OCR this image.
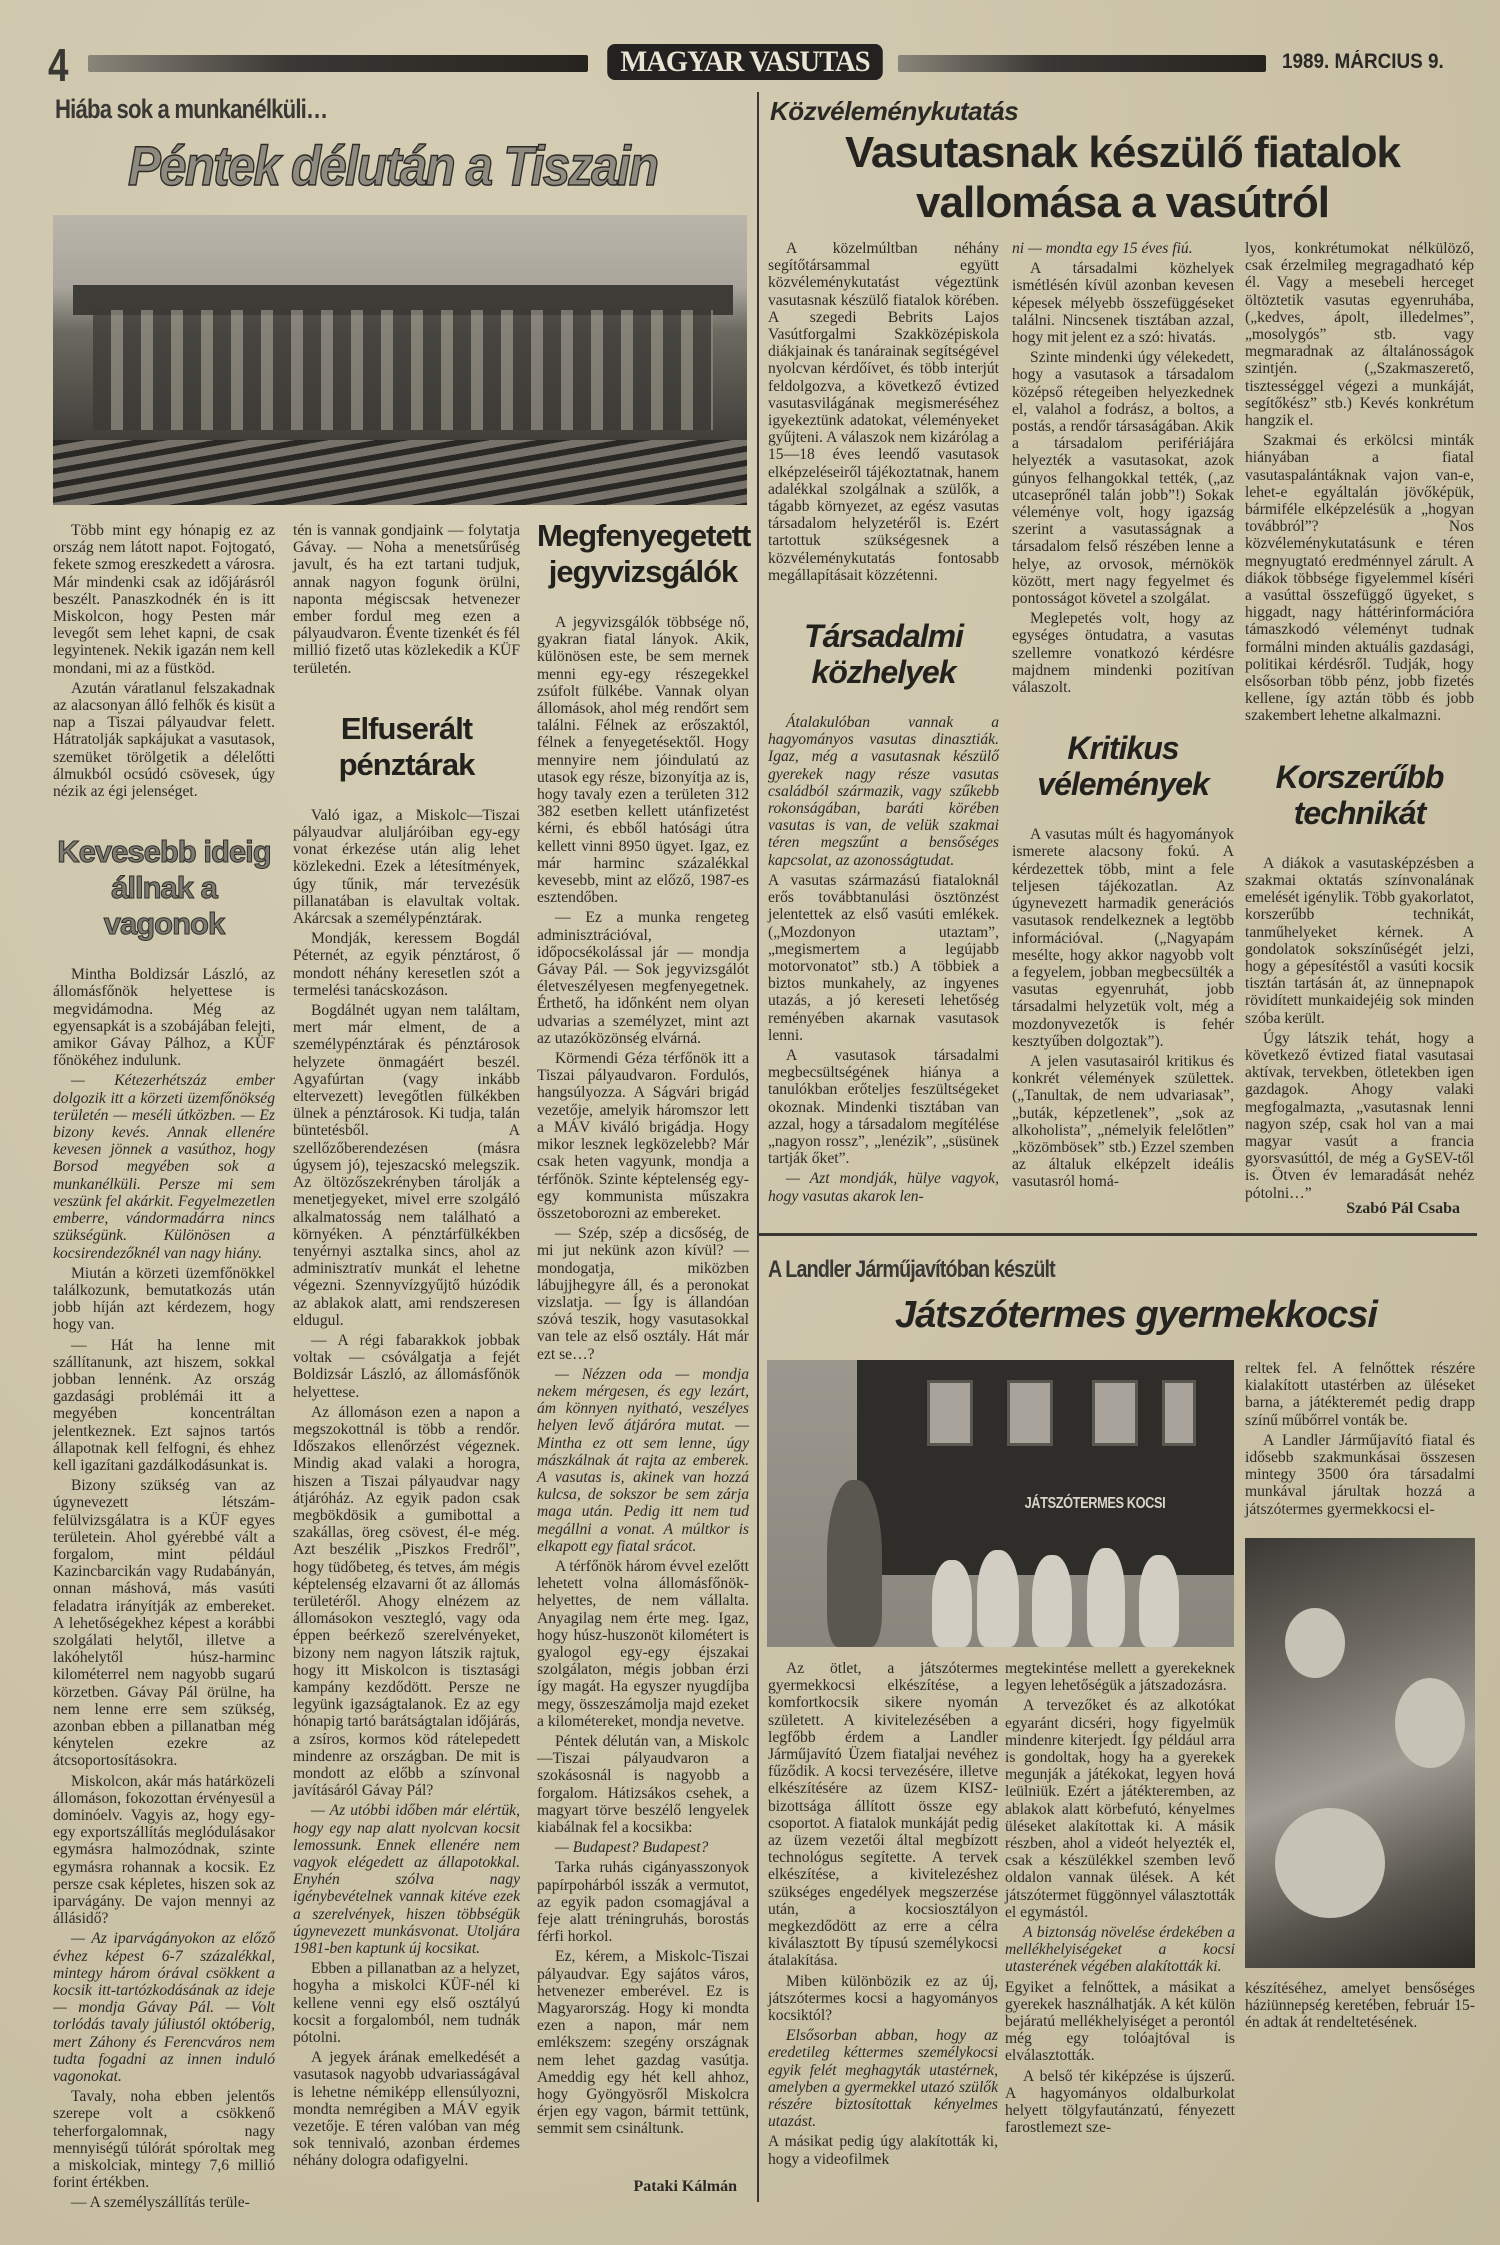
4	MAGYAR VASUTAS	1989. MÁRCIUS 9.
Hiába sok a munkanélküli…
Péntek délután a Tiszain

Több mint egy hónapig ez az ország nem látott napot. Fojtogató, fekete szmog ereszkedett a városra. Már mindenki csak az időjárásról beszélt. Panaszkodnék én is itt Miskolcon, hogy Pesten már levegőt sem lehet kapni, de csak legyintenek. Nekik igazán nem kell mondani, mi az a füstköd.

Azután váratlanul felszakadnak az alacsonyan álló felhők és kisüt a nap a Tiszai pályaudvar felett. Hátratolják sapkájukat a vasutasok, szemüket törölgetik a délelőtti álmukból ocsúdó csövesek, úgy nézik az égi jelenséget.

Kevesebb ideig állnak a vagonok

Mintha Boldizsár László, az állomásfőnök helyettese is megvidámodna. Még az egyensapkát is a szobájában felejti, amikor Gávay Pálhoz, a KÜF főnökéhez indulunk.

— Kétezerhétszáz ember dolgozik itt a körzeti üzemfőnökség területén — meséli útközben. — Ez bizony kevés. Annak ellenére kevesen jönnek a vasúthoz, hogy Borsod megyében sok a munkanélküli. Persze mi sem veszünk fel akárkit. Fegyelmezetlen emberre, vándormadárra nincs szükségünk. Különösen a kocsirendezőknél van nagy hiány.

Miután a körzeti üzemfőnökkel találkozunk, bemutatkozás után jobb híján azt kérdezem, hogy hogy van.

— Hát ha lenne mit szállítanunk, azt hiszem, sokkal jobban lennénk. Az ország gazdasági problémái itt a megyében koncentráltan jelentkeznek. Ezt sajnos tartós állapotnak kell felfogni, és ehhez kell igazítani gazdálkodásunkat is.

Bizony szükség van az úgynevezett létszám-felülvizsgálatra is a KÜF egyes területein. Ahol gyérebbé vált a forgalom, mint például Kazincbarcikán vagy Rudabányán, onnan máshová, más vasúti feladatra irányítják az embereket. A lehetőségekhez képest a korábbi szolgálati helytől, illetve a lakóhelytől húsz-harminc kilométerrel nem nagyobb sugarú körzetben. Gávay Pál örülne, ha nem lenne erre sem szükség, azonban ebben a pillanatban még kénytelen ezekre az átcsoportosításokra.

Miskolcon, akár más határközeli állomáson, fokozottan érvényesül a dominóelv. Vagyis az, hogy egy-egy exportszállítás meglódulásakor egymásra halmozódnak, szinte egymásra rohannak a kocsik. Ez persze csak képletes, hiszen sok az iparvágány. De vajon mennyi az állásidő?

— Az iparvágányokon az előző évhez képest 6-7 százalékkal, mintegy három órával csökkent a kocsik itt-tartózkodásának az ideje — mondja Gávay Pál. — Volt torlódás tavaly júliustól októberig, mert Záhony és Ferencváros nem tudta fogadni az innen induló vagonokat.

Tavaly, noha ebben jelentős szerepe volt a csökkenő teherforgalomnak, nagy mennyiségű túlórát spóroltak meg a miskolciak, mintegy 7,6 millió forint értékben.

— A személyszállítás terüle-

tén is vannak gondjaink — folytatja Gávay. — Noha a menetsűrűség javult, és ha ezt tartani tudjuk, annak nagyon fogunk örülni, naponta mégiscsak hetvenezer ember fordul meg ezen a pályaudvaron. Évente tizenkét és fél millió fizető utas közlekedik a KÜF területén.

Elfuserált pénztárak

Való igaz, a Miskolc—Tiszai pályaudvar aluljáróiban egy-egy vonat érkezése után alig lehet közlekedni. Ezek a létesítmények, úgy tűnik, már tervezésük pillanatában is elavultak voltak. Akárcsak a személypénztárak.

Mondják, keressem Bogdál Péternét, az egyik pénztárost, ő mondott néhány keresetlen szót a termelési tanácskozáson.

Bogdálnét ugyan nem találtam, mert már elment, de a személypénztárak és pénztárosok helyzete önmagáért beszél. Agyafúrtan (vagy inkább eltervezett) levegőtlen fülkékben ülnek a pénztárosok. Ki tudja, talán büntetésből. A szellőzőberendezésen (másra úgysem jó), tejeszacskó melegszik. Az öltözőszekrényben tárolják a menetjegyeket, mivel erre szolgáló alkalmatosság nem található a környéken. A pénztárfülkékben tenyérnyi asztalka sincs, ahol az adminisztratív munkát el lehetne végezni. Szennyvízgyűjtő húzódik az ablakok alatt, ami rendszeresen eldugul.

— A régi fabarakkok jobbak voltak — csóválgatja a fejét Boldizsár László, az állomásfőnök helyettese.

Az állomáson ezen a napon a megszokottnál is több a rendőr. Időszakos ellenőrzést végeznek. Mindig akad valaki a horogra, hiszen a Tiszai pályaudvar nagy átjáróház. Az egyik padon csak megbökdösik a gumibottal a szakállas, öreg csövest, él-e még. Azt beszélik „Piszkos Fredről”, hogy tüdőbeteg, és tetves, ám mégis képtelenség elzavarni őt az állomás területéről. Ahogy elnézem az állomásokon vesztegló, vagy oda éppen beérkező szerelvényeket, bizony nem nagyon látszik rajtuk, hogy itt Miskolcon is tisztasági kampány kezdődött. Persze ne legyünk igazságtalanok. Ez az egy hónapig tartó barátságtalan időjárás, a zsíros, kormos köd rátelepedett mindenre az országban. De mit is mondott az előbb a színvonal javításáról Gávay Pál?

— Az utóbbi időben már elértük, hogy egy nap alatt nyolcvan kocsit lemossunk. Ennek ellenére nem vagyok elégedett az állapotokkal. Enyhén szólva nagy igénybevételnek vannak kitéve ezek a szerelvények, hiszen többségük úgynevezett munkásvonat. Utoljára 1981-ben kaptunk új kocsikat.

Ebben a pillanatban az a helyzet, hogyha a miskolci KÜF-nél ki kellene venni egy első osztályú kocsit a forgalomból, nem tudnák pótolni.

A jegyek árának emelkedését a vasutasok nagyobb udvariasságával is lehetne némiképp ellensúlyozni, mondta nemrégiben a MÁV egyik vezetője. E téren valóban van még sok tennivaló, azonban érdemes néhány dologra odafigyelni.

Megfenyegetett jegyvizsgálók

A jegyvizsgálók többsége nő, gyakran fiatal lányok. Akik, különösen este, be sem mernek menni egy-egy részegekkel zsúfolt fülkébe. Vannak olyan állomások, ahol még rendőrt sem találni. Félnek az erőszaktól, félnek a fenyegetésektől. Hogy mennyire nem jóindulatú az utasok egy része, bizonyítja az is, hogy tavaly ezen a területen 312 382 esetben kellett utánfizetést kérni, és ebből hatósági útra kellett vinni 8950 ügyet. Igaz, ez már harminc százalékkal kevesebb, mint az előző, 1987-es esztendőben.

— Ez a munka rengeteg adminisztrációval, időpocsékolással jár — mondja Gávay Pál. — Sok jegyvizsgálót életveszélyesen megfenyegetnek. Érthető, ha időnként nem olyan udvarias a személyzet, mint azt az utazóközönség elvárná.

Körmendi Géza térfőnök itt a Tiszai pályaudvaron. Fordulós, hangsúlyozza. A Ságvári brigád vezetője, amelyik háromszor lett a MÁV kiváló brigádja. Hogy mikor lesznek legközelebb? Már csak heten vagyunk, mondja a térfőnök. Szinte képtelenség egy-egy kommunista műszakra összetoborozni az embereket.

— Szép, szép a dicsőség, de mi jut nekünk azon kívül? — mondogatja, miközben lábujjhegyre áll, és a peronokat vizslatja. — Így is állandóan szóvá teszik, hogy vasutasokkal van tele az első osztály. Hát már ezt se…?

— Nézzen oda — mondja nekem mérgesen, és egy lezárt, ám könnyen nyitható, veszélyes helyen levő átjáróra mutat. — Mintha ez ott sem lenne, úgy mászkálnak át rajta az emberek. A vasutas is, akinek van hozzá kulcsa, de sokszor be sem zárja maga után. Pedig itt nem tud megállni a vonat. A múltkor is elkapott egy fiatal srácot.

A térfőnök három évvel ezelőtt lehetett volna állomásfőnök-helyettes, de nem vállalta. Anyagilag nem érte meg. Igaz, hogy húsz-huszonöt kilométert is gyalogol egy-egy éjszakai szolgálaton, mégis jobban érzi így magát. Ha egyszer nyugdíjba megy, összeszámolja majd ezeket a kilométereket, mondja nevetve.

Péntek délután van, a Miskolc—Tiszai pályaudvaron a szokásosnál is nagyobb a forgalom. Hátizsákos csehek, a magyart törve beszélő lengyelek kiabálnak fel a kocsikba:

— Budapest? Budapest?

Tarka ruhás cigányasszonyok papírpohárból isszák a vermutot, az egyik padon csomagjával a feje alatt tréningruhás, borostás férfi horkol.

Ez, kérem, a Miskolc-Tiszai pályaudvar. Egy sajátos város, hetvenezer emberével. Ez is Magyarország. Hogy ki mondta ezen a napon, már nem emlékszem: szegény országnak nem lehet gazdag vasútja. Ameddig egy hét kell ahhoz, hogy Gyöngyösről Miskolcra érjen egy vagon, bármit tettünk, semmit sem csináltunk.

Pataki Kálmán
Közvéleménykutatás
Vasutasnak készülő fiatalok
vallomása a vasútról

A közelmúltban néhány segítőtársammal együtt közvéleménykutatást végeztünk vasutasnak készülő fiatalok körében. A szegedi Bebrits Lajos Vasútforgalmi Szakközépiskola diákjainak és tanárainak segítségével nyolcvan kérdőívet, és több interjút feldolgozva, a következő évtized vasutasvilágának megismeréséhez igyekeztünk adatokat, véleményeket gyűjteni. A válaszok nem kizárólag a 15—18 éves leendő vasutasok elképzeléseiről tájékoztatnak, hanem adalékkal szolgálnak a szülők, a tágabb környezet, az egész vasutas társadalom helyzetéről is. Ezért tartottuk szükségesnek a közvéleménykutatás fontosabb megállapításait közzétenni.

Társadalmi közhelyek

Átalakulóban vannak a hagyományos vasutas dinasztiák. Igaz, még a vasutasnak készülő gyerekek nagy része vasutas családból származik, vagy szűkebb rokonságában, baráti körében vasutas is van, de velük szakmai téren megszűnt a bensőséges kapcsolat, az azonosságtudat.

A vasutas származású fiataloknál erős továbbtanulási ösztönzést jelentettek az első vasúti emlékek. („Mozdonyon utaztam”, „megismertem a legújabb motorvonatot” stb.) A többiek a biztos munkahely, az ingyenes utazás, a jó kereseti lehetőség reményében akarnak vasutasok lenni.

A vasutasok társadalmi megbecsültségének hiánya a tanulókban erőteljes feszültségeket okoznak. Mindenki tisztában van azzal, hogy a társadalom megítélése „nagyon rossz”, „lenézik”, „süsünek tartják őket”.

— Azt mondják, hülye vagyok, hogy vasutas akarok len-

ni — mondta egy 15 éves fiú.

A társadalmi közhelyek ismétlésén kívül azonban kevesen képesek mélyebb összefüggéseket találni. Nincsenek tisztában azzal, hogy mit jelent ez a szó: hivatás.

Szinte mindenki úgy vélekedett, hogy a vasutasok a társadalom középső rétegeiben helyezkednek el, valahol a fodrász, a boltos, a postás, a rendőr társaságában. Akik a társadalom perifériájára helyezték a vasutasokat, azok gúnyos felhangokkal tették, („az utcaseprőnél talán jobb”!) Sokak véleménye volt, hogy igazság szerint a vasutasságnak a társadalom felső részében lenne a helye, az orvosok, mérnökök között, mert nagy fegyelmet és pontosságot követel a szolgálat.

Meglepetés volt, hogy az egységes öntudatra, a vasutas szellemre vonatkozó kérdésre majdnem mindenki pozitívan válaszolt.

Kritikus vélemények

A vasutas múlt és hagyományok ismerete alacsony fokú. A kérdezettek több, mint a fele teljesen tájékozatlan. Az úgynevezett harmadik generációs vasutasok rendelkeznek a legtöbb információval. („Nagyapám mesélte, hogy akkor nagyobb volt a fegyelem, jobban megbecsülték a vasutas egyenruhát, jobb társadalmi helyzetük volt, még a mozdonyvezetők is fehér kesztyűben dolgoztak”).

A jelen vasutasairól kritikus és konkrét vélemények születtek. („Tanultak, de nem udvariasak”, „buták, képzetlenek”, „sok az alkoholista”, „némelyik felelőtlen” „közömbösek” stb.) Ezzel szemben az általuk elképzelt ideális vasutasról homá-

lyos, konkrétumokat nélkülöző, csak érzelmileg megragadható kép él. Vagy a mesebeli herceget öltöztetik vasutas egyenruhába, („kedves, ápolt, illedelmes”, „mosolygós” stb. vagy megmaradnak az általánosságok szintjén. („Szakmaszerető, tisztességgel végezi a munkáját, segítőkész” stb.) Kevés konkrétum hangzik el.

Szakmai és erkölcsi minták hiányában a fiatal vasutaspalántáknak vajon van-e, lehet-e egyáltalán jövőképük, bármiféle elképzelésük a „hogyan továbbról”? Nos közvéleménykutatásunk e téren megnyugtató eredménnyel zárult. A diákok többsége figyelemmel kíséri a vasúttal összefüggő ügyeket, s higgadt, nagy háttérinformációra támaszkodó véleményt tudnak formálni minden aktuális gazdasági, politikai kérdésről. Tudják, hogy elsősorban több pénz, jobb fizetés kellene, így aztán több és jobb szakembert lehetne alkalmazni.

Korszerűbb technikát

A diákok a vasutasképzésben a szakmai oktatás színvonalának emelését igénylik. Több gyakorlatot, korszerűbb technikát, tanműhelyeket kérnek. A gondolatok sokszínűségét jelzi, hogy a gépesítéstől a vasúti kocsik tisztán tartásán át, az ünnepnapok rövidített munkaidejéig sok minden szóba került.

Úgy látszik tehát, hogy a következő évtized fiatal vasutasai aktívak, tervekben, ötletekben igen gazdagok. Ahogy valaki megfogalmazta, „vasutasnak lenni nagyon szép, csak hol van a mai magyar vasút a francia gyorsvasúttól, de még a GySEV-től is. Ötven év lemaradását nehéz pótolni…”

Szabó Pál Csaba
A Landler Járműjavítóban készült
Játszótermes gyermekkocsi
JÁTSZÓTERMES KOCSI

Az ötlet, a játszótermes gyermekkocsi elkészítése, a komfortkocsik sikere nyomán született. A kivitelezésében a legfőbb érdem a Landler Járműjavító Üzem fiataljai nevéhez fűződik. A kocsi tervezésére, illetve elkészítésére az üzem KISZ-bizottsága állított össze egy csoportot. A fiatalok munkáját pedig az üzem vezetői által megbízott technológus segítette. A tervek elkészítése, a kivitelezéshez szükséges engedélyek megszerzése után, a kocsiosztályon megkezdődött az erre a célra kiválasztott By típusú személykocsi átalakítása.

Miben különbözik ez az új, játszótermes kocsi a hagyományos kocsiktól?

Elsősorban abban, hogy az eredetileg kéttermes személykocsi egyik felét meghagyták utastérnek, amelyben a gyermekkel utazó szülők részére biztosítottak kényelmes utazást.

A másikat pedig úgy alakították ki, hogy a videofilmek

megtekintése mellett a gyerekeknek legyen lehetőségük a játszadozásra.

A tervezőket és az alkotókat egyaránt dicséri, hogy figyelmük mindenre kiterjedt. Így például arra is gondoltak, hogy ha a gyerekek megunják a játékokat, legyen hová leülniük. Ezért a játékteremben, az ablakok alatt körbefutó, kényelmes üléseket alakítottak ki. A másik részben, ahol a videót helyezték el, csak a készülékkel szemben levő oldalon vannak ülések. A két játszótermet függönnyel választották el egymástól.

A biztonság növelése érdekében a mellékhelyiségeket a kocsi utasterének végében alakították ki.

Egyiket a felnőttek, a másikat a gyerekek használhatják. A két külön bejáratú mellékhelyiséget a perontól még egy tolóajtóval is elválasztották.

A belső tér kiképzése is újszerű. A hagyományos oldalburkolat helyett tölgyfautánzatú, fényezett farostlemezt sze-

reltek fel. A felnőttek részére kialakított utastérben az üléseket barna, a játékteremét pedig drapp színű műbőrrel vonták be.

A Landler Járműjavító fiatal és idősebb szakmunkásai összesen mintegy 3500 óra társadalmi munkával járultak hozzá a játszótermes gyermekkocsi el-

készítéséhez, amelyet bensőséges háziünnepség keretében, február 15-én adtak át rendeltetésének.
